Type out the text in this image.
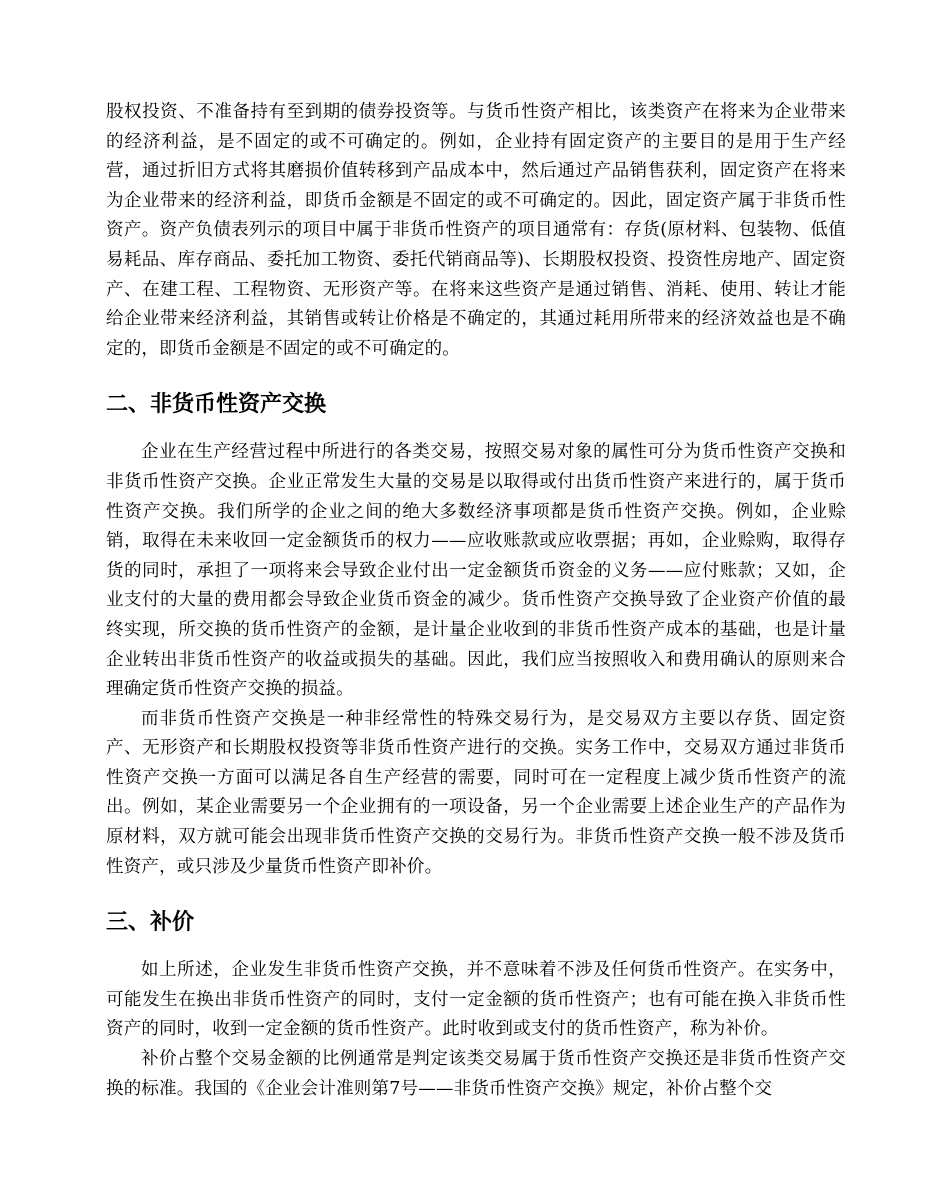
股权投资、不准备持有至到期的债券投资等。与货币性资产相比，该类资产在将来为企业带来的经济利益，是不固定的或不可确定的。例如，企业持有固定资产的主要目的是用于生产经营，通过折旧方式将其磨损价值转移到产品成本中，然后通过产品销售获利，固定资产在将来为企业带来的经济利益，即货币金额是不固定的或不可确定的。因此，固定资产属于非货币性资产。资产负债表列示的项目中属于非货币性资产的项目通常有：存货(原材料、包装物、低值易耗品、库存商品、委托加工物资、委托代销商品等)、长期股权投资、投资性房地产、固定资产、在建工程、工程物资、无形资产等。在将来这些资产是通过销售、消耗、使用、转让才能给企业带来经济利益，其销售或转让价格是不确定的，其通过耗用所带来的经济效益也是不确定的，即货币金额是不固定的或不可确定的。

二、非货币性资产交换

企业在生产经营过程中所进行的各类交易，按照交易对象的属性可分为货币性资产交换和非货币性资产交换。企业正常发生大量的交易是以取得或付出货币性资产来进行的，属于货币性资产交换。我们所学的企业之间的绝大多数经济事项都是货币性资产交换。例如，企业赊销，取得在未来收回一定金额货币的权力——应收账款或应收票据；再如，企业赊购，取得存货的同时，承担了一项将来会导致企业付出一定金额货币资金的义务——应付账款；又如，企业支付的大量的费用都会导致企业货币资金的减少。货币性资产交换导致了企业资产价值的最终实现，所交换的货币性资产的金额，是计量企业收到的非货币性资产成本的基础，也是计量企业转出非货币性资产的收益或损失的基础。因此，我们应当按照收入和费用确认的原则来合理确定货币性资产交换的损益。

而非货币性资产交换是一种非经常性的特殊交易行为，是交易双方主要以存货、固定资产、无形资产和长期股权投资等非货币性资产进行的交换。实务工作中，交易双方通过非货币性资产交换一方面可以满足各自生产经营的需要，同时可在一定程度上减少货币性资产的流出。例如，某企业需要另一个企业拥有的一项设备，另一个企业需要上述企业生产的产品作为原材料，双方就可能会出现非货币性资产交换的交易行为。非货币性资产交换一般不涉及货币性资产，或只涉及少量货币性资产即补价。

三、补价

如上所述，企业发生非货币性资产交换，并不意味着不涉及任何货币性资产。在实务中，可能发生在换出非货币性资产的同时，支付一定金额的货币性资产；也有可能在换入非货币性资产的同时，收到一定金额的货币性资产。此时收到或支付的货币性资产，称为补价。

补价占整个交易金额的比例通常是判定该类交易属于货币性资产交换还是非货币性资产交换的标准。我国的《企业会计准则第7号——非货币性资产交换》规定，补价占整个交
